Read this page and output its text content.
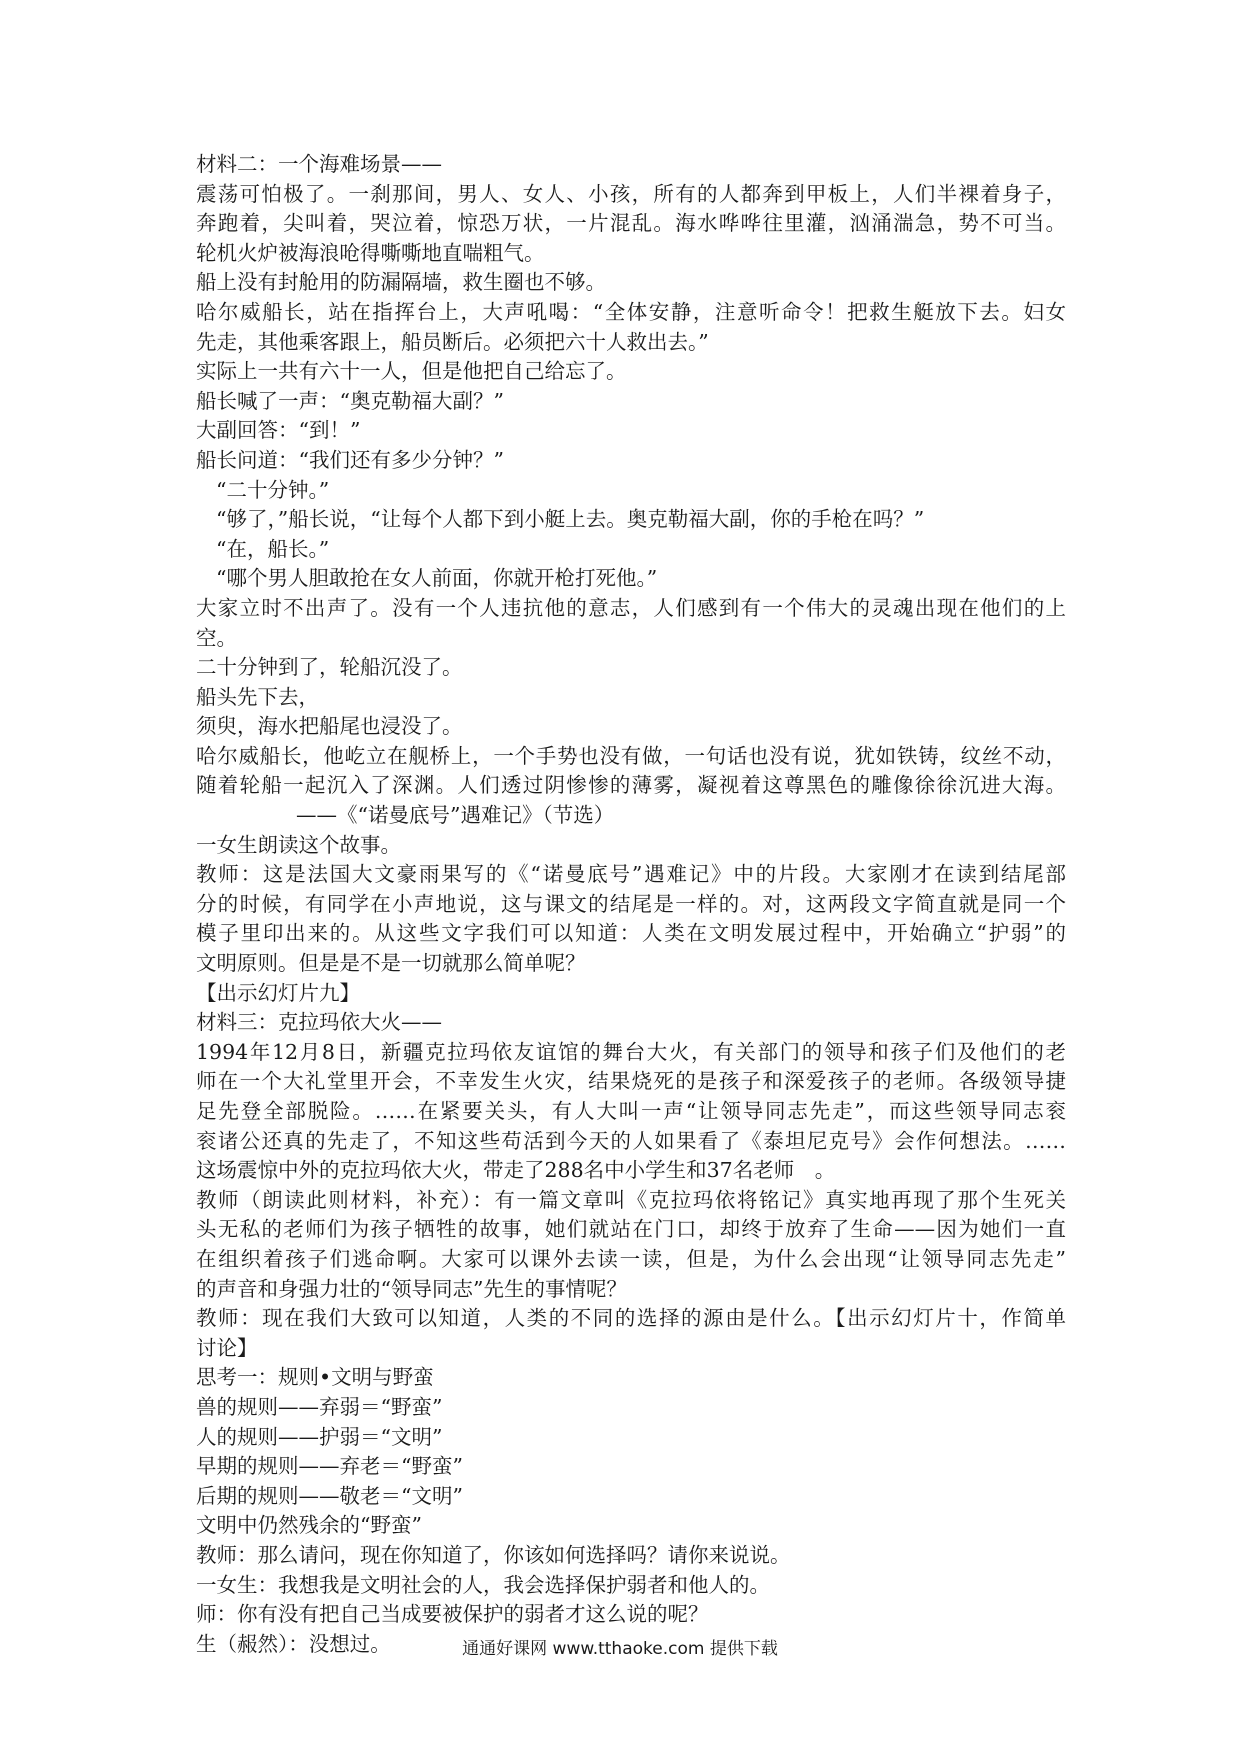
材料二：一个海难场景——
震荡可怕极了。一刹那间，男人、女人、小孩，所有的人都奔到甲板上，人们半裸着身子，
奔跑着，尖叫着，哭泣着，惊恐万状，一片混乱。海水哗哗往里灌，汹涌湍急，势不可当。
轮机火炉被海浪呛得嘶嘶地直喘粗气。
船上没有封舱用的防漏隔墙，救生圈也不够。
哈尔威船长，站在指挥台上，大声吼喝：“全体安静，注意听命令！把救生艇放下去。妇女
先走，其他乘客跟上，船员断后。必须把六十人救出去。”
实际上一共有六十一人，但是他把自己给忘了。
船长喊了一声：“奥克勒福大副？”
大副回答：“到！”
船长问道：“我们还有多少分钟？”
“二十分钟。”
“够了，”船长说，“让每个人都下到小艇上去。奥克勒福大副，你的手枪在吗？”
“在，船长。”
“哪个男人胆敢抢在女人前面，你就开枪打死他。”
大家立时不出声了。没有一个人违抗他的意志，人们感到有一个伟大的灵魂出现在他们的上
空。
二十分钟到了，轮船沉没了。
船头先下去，
须臾，海水把船尾也浸没了。
哈尔威船长，他屹立在舰桥上，一个手势也没有做，一句话也没有说，犹如铁铸，纹丝不动，
随着轮船一起沉入了深渊。人们透过阴惨惨的薄雾，凝视着这尊黑色的雕像徐徐沉进大海。
——《“诺曼底号”遇难记》（节选）
一女生朗读这个故事。
教师：这是法国大文豪雨果写的《“诺曼底号”遇难记》中的片段。大家刚才在读到结尾部
分的时候，有同学在小声地说，这与课文的结尾是一样的。对，这两段文字简直就是同一个
模子里印出来的。从这些文字我们可以知道：人类在文明发展过程中，开始确立“护弱”的
文明原则。但是是不是一切就那么简单呢？
【出示幻灯片九】
材料三：克拉玛依大火——
1994年12月8日，新疆克拉玛依友谊馆的舞台大火，有关部门的领导和孩子们及他们的老
师在一个大礼堂里开会，不幸发生火灾，结果烧死的是孩子和深爱孩子的老师。各级领导捷
足先登全部脱险。……在紧要关头，有人大叫一声“让领导同志先走”，而这些领导同志衮
衮诸公还真的先走了，不知这些苟活到今天的人如果看了《泰坦尼克号》会作何想法。……
这场震惊中外的克拉玛依大火，带走了288名中小学生和37名老师　。
教师（朗读此则材料，补充）：有一篇文章叫《克拉玛依将铭记》真实地再现了那个生死关
头无私的老师们为孩子牺牲的故事，她们就站在门口，却终于放弃了生命——因为她们一直
在组织着孩子们逃命啊。大家可以课外去读一读，但是，为什么会出现“让领导同志先走”
的声音和身强力壮的“领导同志”先生的事情呢？
教师：现在我们大致可以知道，人类的不同的选择的源由是什么。【出示幻灯片十，作简单
讨论】
思考一：规则•文明与野蛮
兽的规则——弃弱＝“野蛮”
人的规则——护弱＝“文明”
早期的规则——弃老＝“野蛮”
后期的规则——敬老＝“文明”
文明中仍然残余的“野蛮”
教师：那么请问，现在你知道了，你该如何选择吗？请你来说说。
一女生：我想我是文明社会的人，我会选择保护弱者和他人的。
师：你有没有把自己当成要被保护的弱者才这么说的呢？
生（赧然）：没想过。	通通好课网 www.tthaoke.com 提供下载
